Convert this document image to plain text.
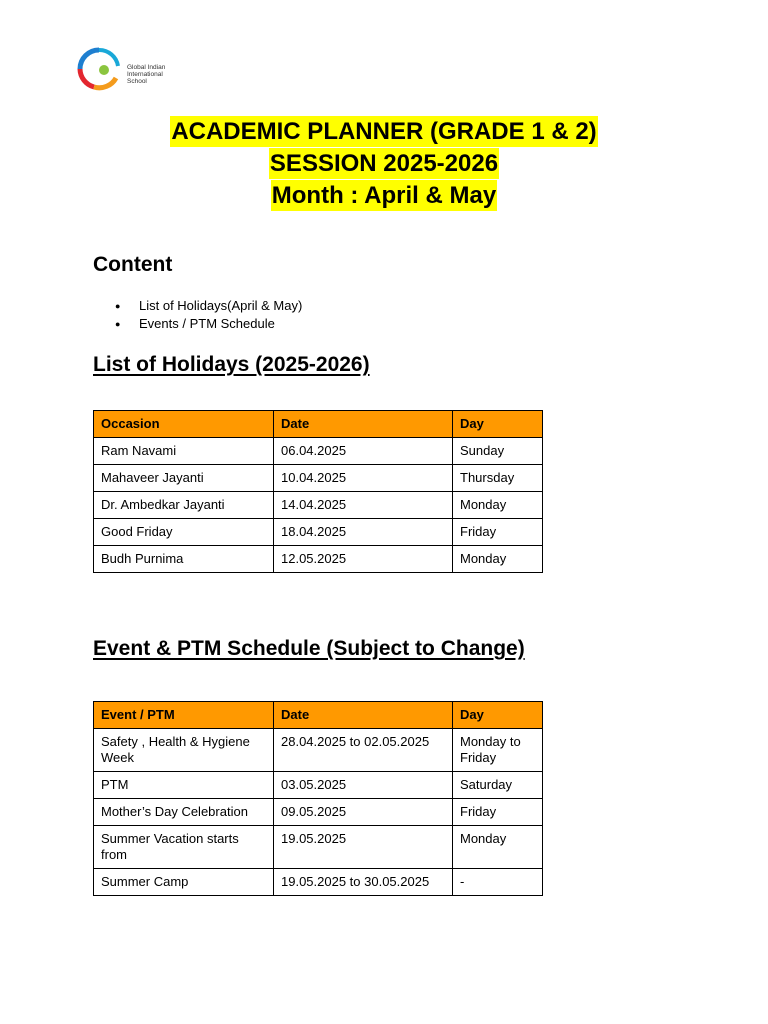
Global Indian
International
School
ACADEMIC PLANNER (GRADE 1 & 2)
SESSION 2025-2026
Month : April & May
Content
● List of Holidays(April & May)
● Events / PTM Schedule
List of Holidays (2025-2026)
Occasion	Date	Day
Ram Navami	06.04.2025	Sunday
Mahaveer Jayanti	10.04.2025	Thursday
Dr. Ambedkar Jayanti	14.04.2025	Monday
Good Friday	18.04.2025	Friday
Budh Purnima	12.05.2025	Monday
Event & PTM Schedule (Subject to Change)
Event / PTM	Date	Day
Safety , Health & Hygiene Week	28.04.2025 to 02.05.2025	Monday to Friday
PTM	03.05.2025	Saturday
Mother’s Day Celebration	09.05.2025	Friday
Summer Vacation starts from	19.05.2025	Monday
Summer Camp	19.05.2025 to 30.05.2025	-
